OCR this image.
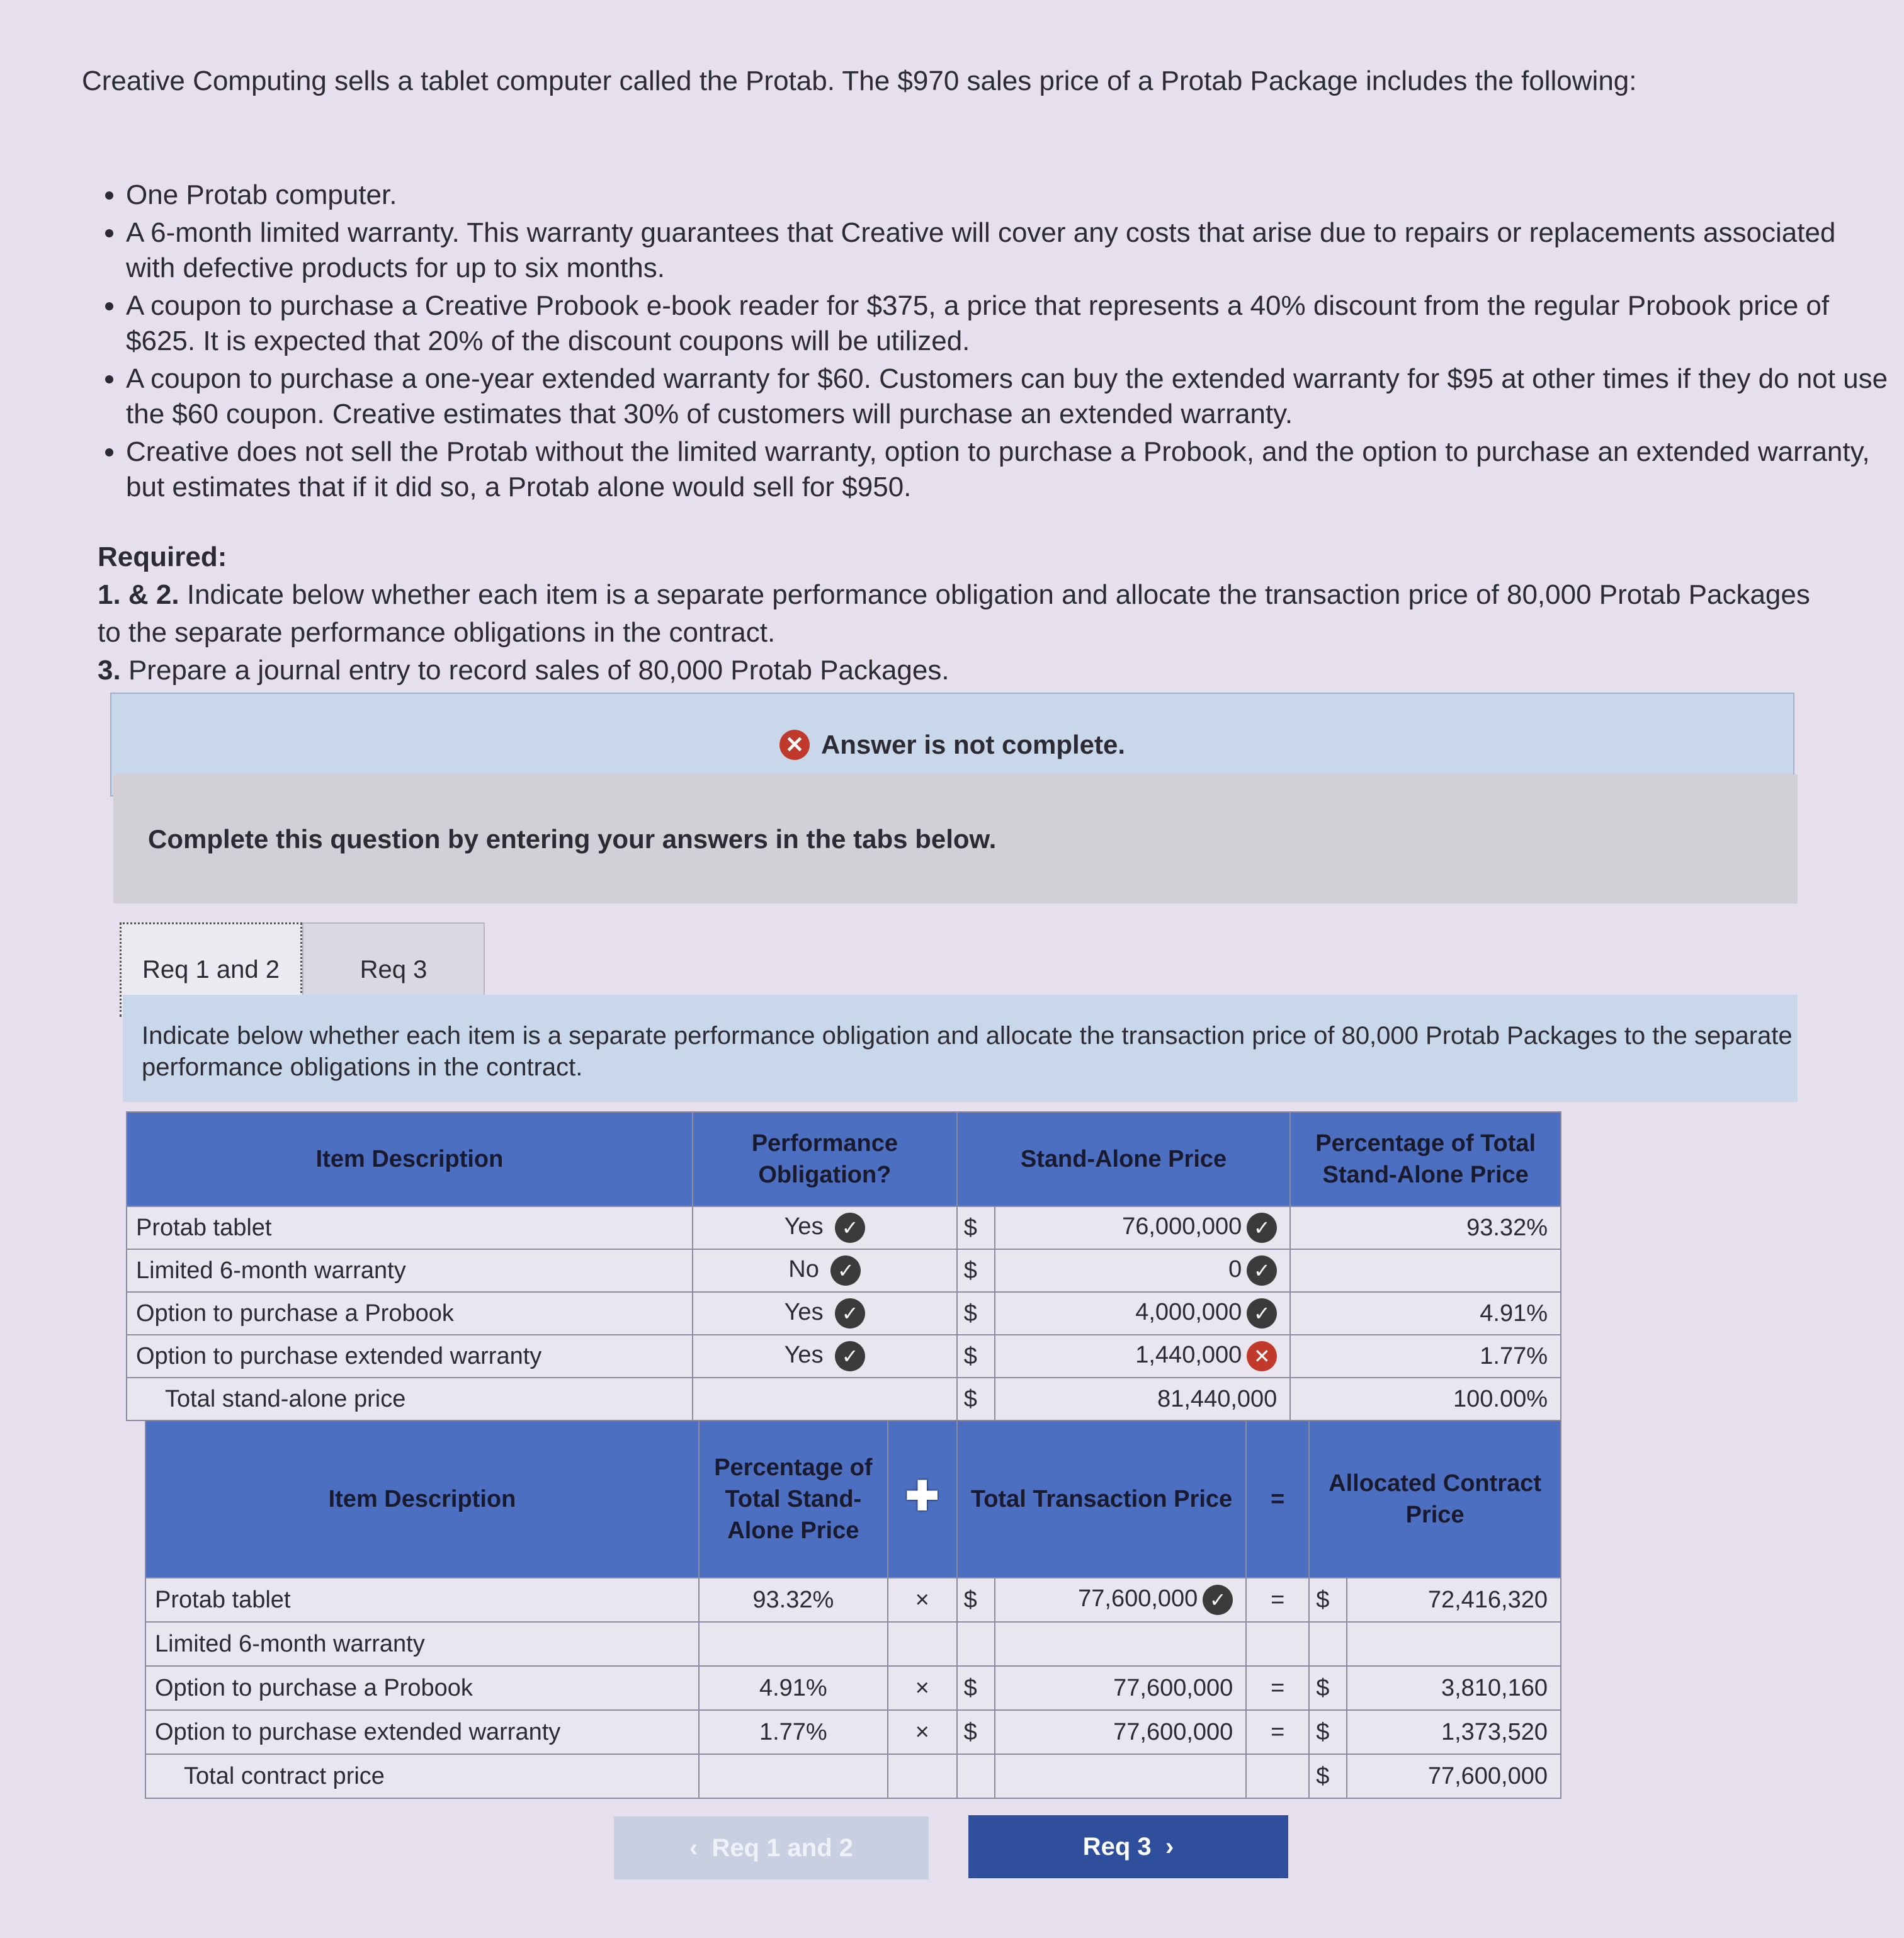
Creative Computing sells a tablet computer called the Protab. The $970 sales price of a Protab Package includes the following:
• One Protab computer.
• A 6-month limited warranty. This warranty guarantees that Creative will cover any costs that arise due to repairs or replacements associated with defective products for up to six months.
• A coupon to purchase a Creative Probook e-book reader for $375, a price that represents a 40% discount from the regular Probook price of $625. It is expected that 20% of the discount coupons will be utilized.
• A coupon to purchase a one-year extended warranty for $60. Customers can buy the extended warranty for $95 at other times if they do not use the $60 coupon. Creative estimates that 30% of customers will purchase an extended warranty.
• Creative does not sell the Protab without the limited warranty, option to purchase a Probook, and the option to purchase an extended warranty, but estimates that if it did so, a Protab alone would sell for $950.
Required:
1. & 2. Indicate below whether each item is a separate performance obligation and allocate the transaction price of 80,000 Protab Packages to the separate performance obligations in the contract.
3. Prepare a journal entry to record sales of 80,000 Protab Packages.
✕ Answer is not complete.
Complete this question by entering your answers in the tabs below.
Req 1 and 2	Req 3
Indicate below whether each item is a separate performance obligation and allocate the transaction price of 80,000 Protab Packages to the separate performance obligations in the contract.
Item Description	Performance Obligation?	Stand-Alone Price		Percentage of Total Stand-Alone Price
Protab tablet	Yes ✓	$	76,000,000 ✓	93.32%
Limited 6-month warranty	No ✓	$	0 ✓	
Option to purchase a Probook	Yes ✓	$	4,000,000 ✓	4.91%
Option to purchase extended warranty	Yes ✓	$	1,440,000 ✕	1.77%
Total stand-alone price		$	81,440,000	100.00%
Item Description	Percentage of Total Stand-Alone Price	✚	Total Transaction Price		=	Allocated Contract Price	
Protab tablet	93.32%	×	$	77,600,000 ✓	=	$	72,416,320
Limited 6-month warranty							
Option to purchase a Probook	4.91%	×	$	77,600,000	=	$	3,810,160
Option to purchase extended warranty	1.77%	×	$	77,600,000	=	$	1,373,520
Total contract price						$	77,600,000
‹ Req 1 and 2	Req 3 ›
